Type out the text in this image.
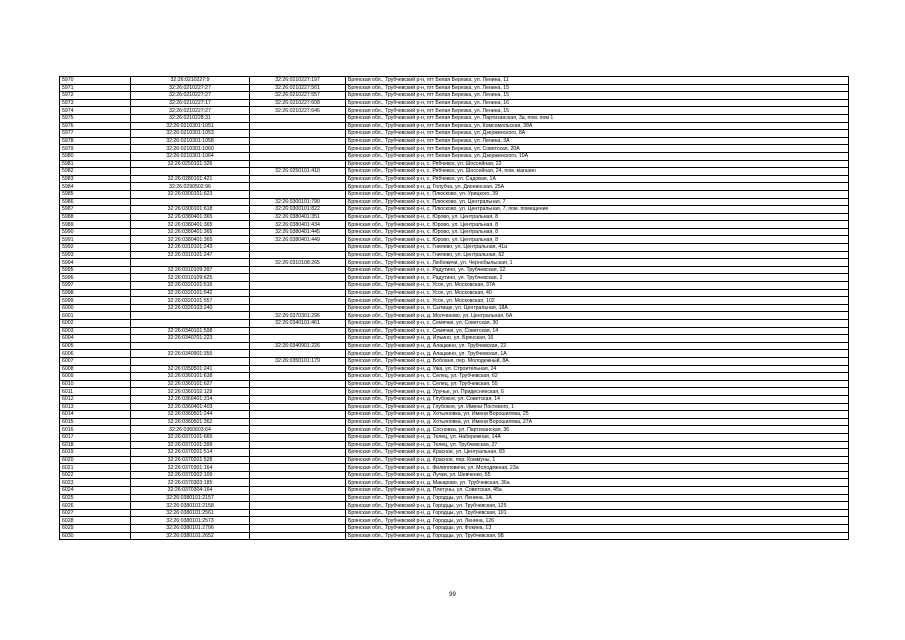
5970	32:26:0210227:9	32:26:0210227:197	Брянская обл., Трубчевский р-н, пгт Белая Березка, ул. Ленина, 11
5971	32:26:0210227:27	32:26:0210227:561	Брянская обл., Трубчевский р-н, пгт Белая Березка, ул. Ленина, 15
5972	32:26:0210227:27	32:26:0210227:557	Брянская обл., Трубчевский р-н, пгт Белая Березка, ул. Ленина, 15
5973	32:26:0210227:17	32:26:0210227:608	Брянская обл., Трубчевский р-н, пгт Белая Березка, ул. Ленина, 16
5974	32:26:0210227:27	32:26:0210227:646	Брянская обл., Трубчевский р-н, пгт Белая Березка, ул. Ленина, 15
5975	32:26:0210228:31		Брянская обл., Трубчевский р-н, пгт Белая Березка, ул. Партизанская, 3а, пом. пом 1
5976	32:26:0210301:1051		Брянская обл., Трубчевский р-н, пгт Белая Березка, ул. Комсомольская, 38А
5977	32:26:0210301:1053		Брянская обл., Трубчевский р-н, пгт Белая Березка, ул. Дзержинского, 8А
5978	32:26:0210301:1058		Брянская обл., Трубчевский р-н, пгт Белая Березка, ул. Ленина, 3А
5979	32:26:0210301:1060		Брянская обл., Трубчевский р-н, пгт Белая Березка, ул. Советская, 20А
5980	32:26:0210301:1064		Брянская обл., Трубчевский р-н, пгт Белая Березка, ул. Дзержинского, 10А
5981	32:26:0250101:326		Брянская обл., Трубчевский р-н, с. Рябчевск, ул. Шоссейная, 22
5982		32:26:0250101:410	Брянская обл., Трубчевский р-н, с. Рябчевск, ул. Шоссейная, 24, пом. магазин
5983	32:26:0280101:421		Брянская обл., Трубчевский р-н, с. Рябчевск, ул. Садовая, 1А
5984	32:26:0290502:96		Брянская обл., Трубчевский р-н, д. Голубча, ул. Дионинская, 25А
5985	32:26:0300101:623		Брянская обл., Трубчевский р-н, с. Плюсково, ул. Урицкого, 39
5986		32:26:0300101:790	Брянская обл., Трубчевский р-н, с. Плюсково, ул. Центральная, 7
5987	32:26:0300101:618	32:26:0300101:822	Брянская обл., Трубчевский р-н, с. Плюсково, ул. Центральная, 7, пом. помещение
5988	32:26:0380401:365	32:26:0380401:351	Брянская обл., Трубчевский р-н, с. Юрово, ул. Центральная, 8
5989	32:26:0380401:365	32:26:0380401:434	Брянская обл., Трубчевский р-н, с. Юрово, ул. Центральная, 8
5990	32:26:0380401:365	32:26:0380401:445	Брянская обл., Трубчевский р-н, с. Юрово, ул. Центральная, 8
5991	32:26:0380401:365	32:26:0380401:449	Брянская обл., Трубчевский р-н, с. Юрово, ул. Центральная, 8
5992	32:26:0310101:243		Брянская обл., Трубчевский р-н, с. Гнилево, ул. Центральная, 41а
5993	32:26:0310101:247		Брянская обл., Трубчевский р-н, с. Гнилево, ул. Центральная, 62
5994		32:26:0310108:265	Брянская обл., Трубчевский р-н, с. Любожичи, ул. Чернобыльская, 1
5995	32:26:0310109:397		Брянская обл., Трубчевский р-н, с. Радутино, ул. Трубчевская, 12
5996	32:26:0310109:625		Брянская обл., Трубчевский р-н, с. Радутино, ул. Трубчевская, 2
5997	32:26:0320101:516		Брянская обл., Трубчевский р-н, с. Усох, ул. Московская, 37А
5998	32:26:0320101:542		Брянская обл., Трубчевский р-н, с. Усох, ул. Московская, 40
5999	32:26:0320101:557		Брянская обл., Трубчевский р-н, с. Усох, ул. Московская, 102
6000	32:26:0320103:240		Брянская обл., Трубчевский р-н, п. Сытище, ул. Центральная, 18А
6001		32:26:0370301:296	Брянская обл., Трубчевский р-н, д. Молчаново, ул. Центральная, 6А
6002		32:26:0340101:461	Брянская обл., Трубчевский р-н, с. Семячки, ул. Советская, 30
6003	32:26:0340101:598		Брянская обл., Трубчевский р-н, с. Семячки, ул. Советская, 14
6004	32:26:0340701:223		Брянская обл., Трубчевский р-н, д. Ильино, ул. Брянская, 16
6005		32:26:0340901:226	Брянская обл., Трубчевский р-н, д. Алацкино, ул. Трубчевская, 22
6006	32:26:0340901:355		Брянская обл., Трубчевский р-н, д. Алацкино, ул. Трубчевская, 1А
6007		32:26:0350101:179	Брянская обл., Трубчевский р-н, д. Бобовня, пер. Молодежный, 8А
6008	32:26:0350501:241		Брянская обл., Трубчевский р-н, д. Ужа, ул. Строительная, 24
6009	32:26:0360101:638		Брянская обл., Трубчевский р-н, с. Селец, ул. Трубчевская, 62
6010	32:26:0360101:627		Брянская обл., Трубчевский р-н, с. Селец, ул. Трубчевская, 55
6011	32:26:0360102:129		Брянская обл., Трубчевский р-н, д. Уручье, ул. Придеснянская, 6
6012	32:26:0360401:314		Брянская обл., Трубчевский р-н, д. Глубокое, ул. Советская, 14
6013	32:26:0360401:403		Брянская обл., Трубчевский р-н, д. Глубокое, ул. Имени Постевого, 1
6014	32:26:0360501:244		Брянская обл., Трубчевский р-н, д. Хотьяновка, ул. Имени Ворошилова, 25
6015	32:26:0360501:362		Брянская обл., Трубчевский р-н, д. Хотьяновка, ул. Имени Ворошилова, 27А
6016	32:26:0360603:64		Брянская обл., Трубчевский р-н, д. Сосновка, ул. Партизанская, 36
6017	32:26:0370101:665		Брянская обл., Трубчевский р-н, д. Телец, ул. Набережная, 14А
6018	32:26:0370101:399		Брянская обл., Трубчевский р-н, д. Телец, ул. Трубчевская, 27
6019	32:26:0370201:514		Брянская обл., Трубчевский р-н, д. Красное, ул. Центральная, 83
6020	32:26:0370201:528		Брянская обл., Трубчевский р-н, д. Красное, пер. Коммуны, 1
6021	32:26:0370301:164		Брянская обл., Трубчевский р-н, с. Филипповичи, ул. Молодежная, 23а
6022	32:26:0370302:109		Брянская обл., Трубчевский р-н, д. Лучки, ул. Шевченко, 55
6023	32:26:0370303:185		Брянская обл., Трубчевский р-н, д. Макарово, ул. Трубчевская, 36а
6024	32:26:0370304:164		Брянская обл., Трубчевский р-н, д. Плетуны, ул. Советская, 45а
6025	32:26:0380101:2157		Брянская обл., Трубчевский р-н, д. Городцы, ул. Ленина, 1А
6026	32:26:0380101:2158		Брянская обл., Трубчевский р-н, д. Городцы, ул. Трубчевская, 125
6027	32:26:0380101:2561		Брянская обл., Трубчевский р-н, д. Городцы, ул. Трубчевская, 101
6028	32:26:0380101:2573		Брянская обл., Трубчевский р-н, д. Городцы, ул. Ленина, 126
6029	32:26:0380101:2706		Брянская обл., Трубчевский р-н, д. Городцы, ул. Фокина, 13
6030	32:26:0380101:2652		Брянская обл., Трубчевский р-н, д. Городцы, ул. Трубчевская, 9Б
99
